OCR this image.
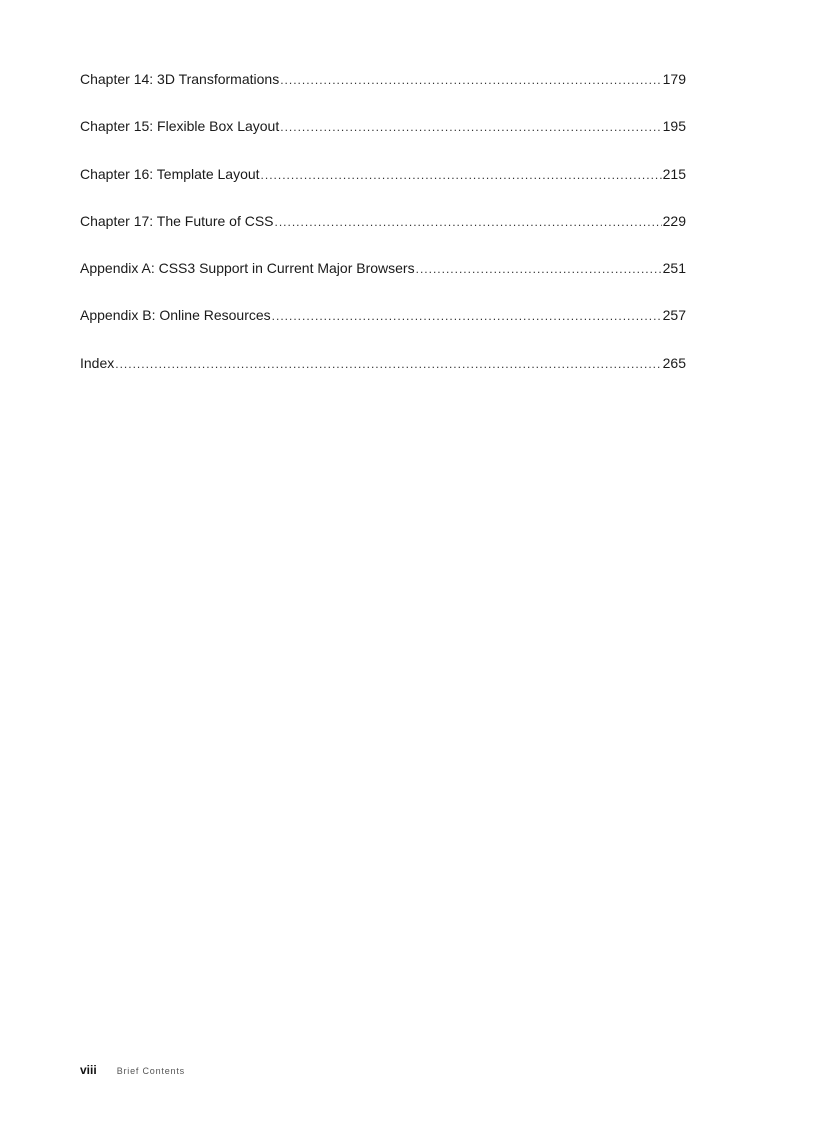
Chapter 14: 3D Transformations .....	179
Chapter 15: Flexible Box Layout .....	195
Chapter 16: Template Layout .....	215
Chapter 17: The Future of CSS .....	229
Appendix A: CSS3 Support in Current Major Browsers .....	251
Appendix B: Online Resources .....	257
Index .....	265
viii Brief Contents
